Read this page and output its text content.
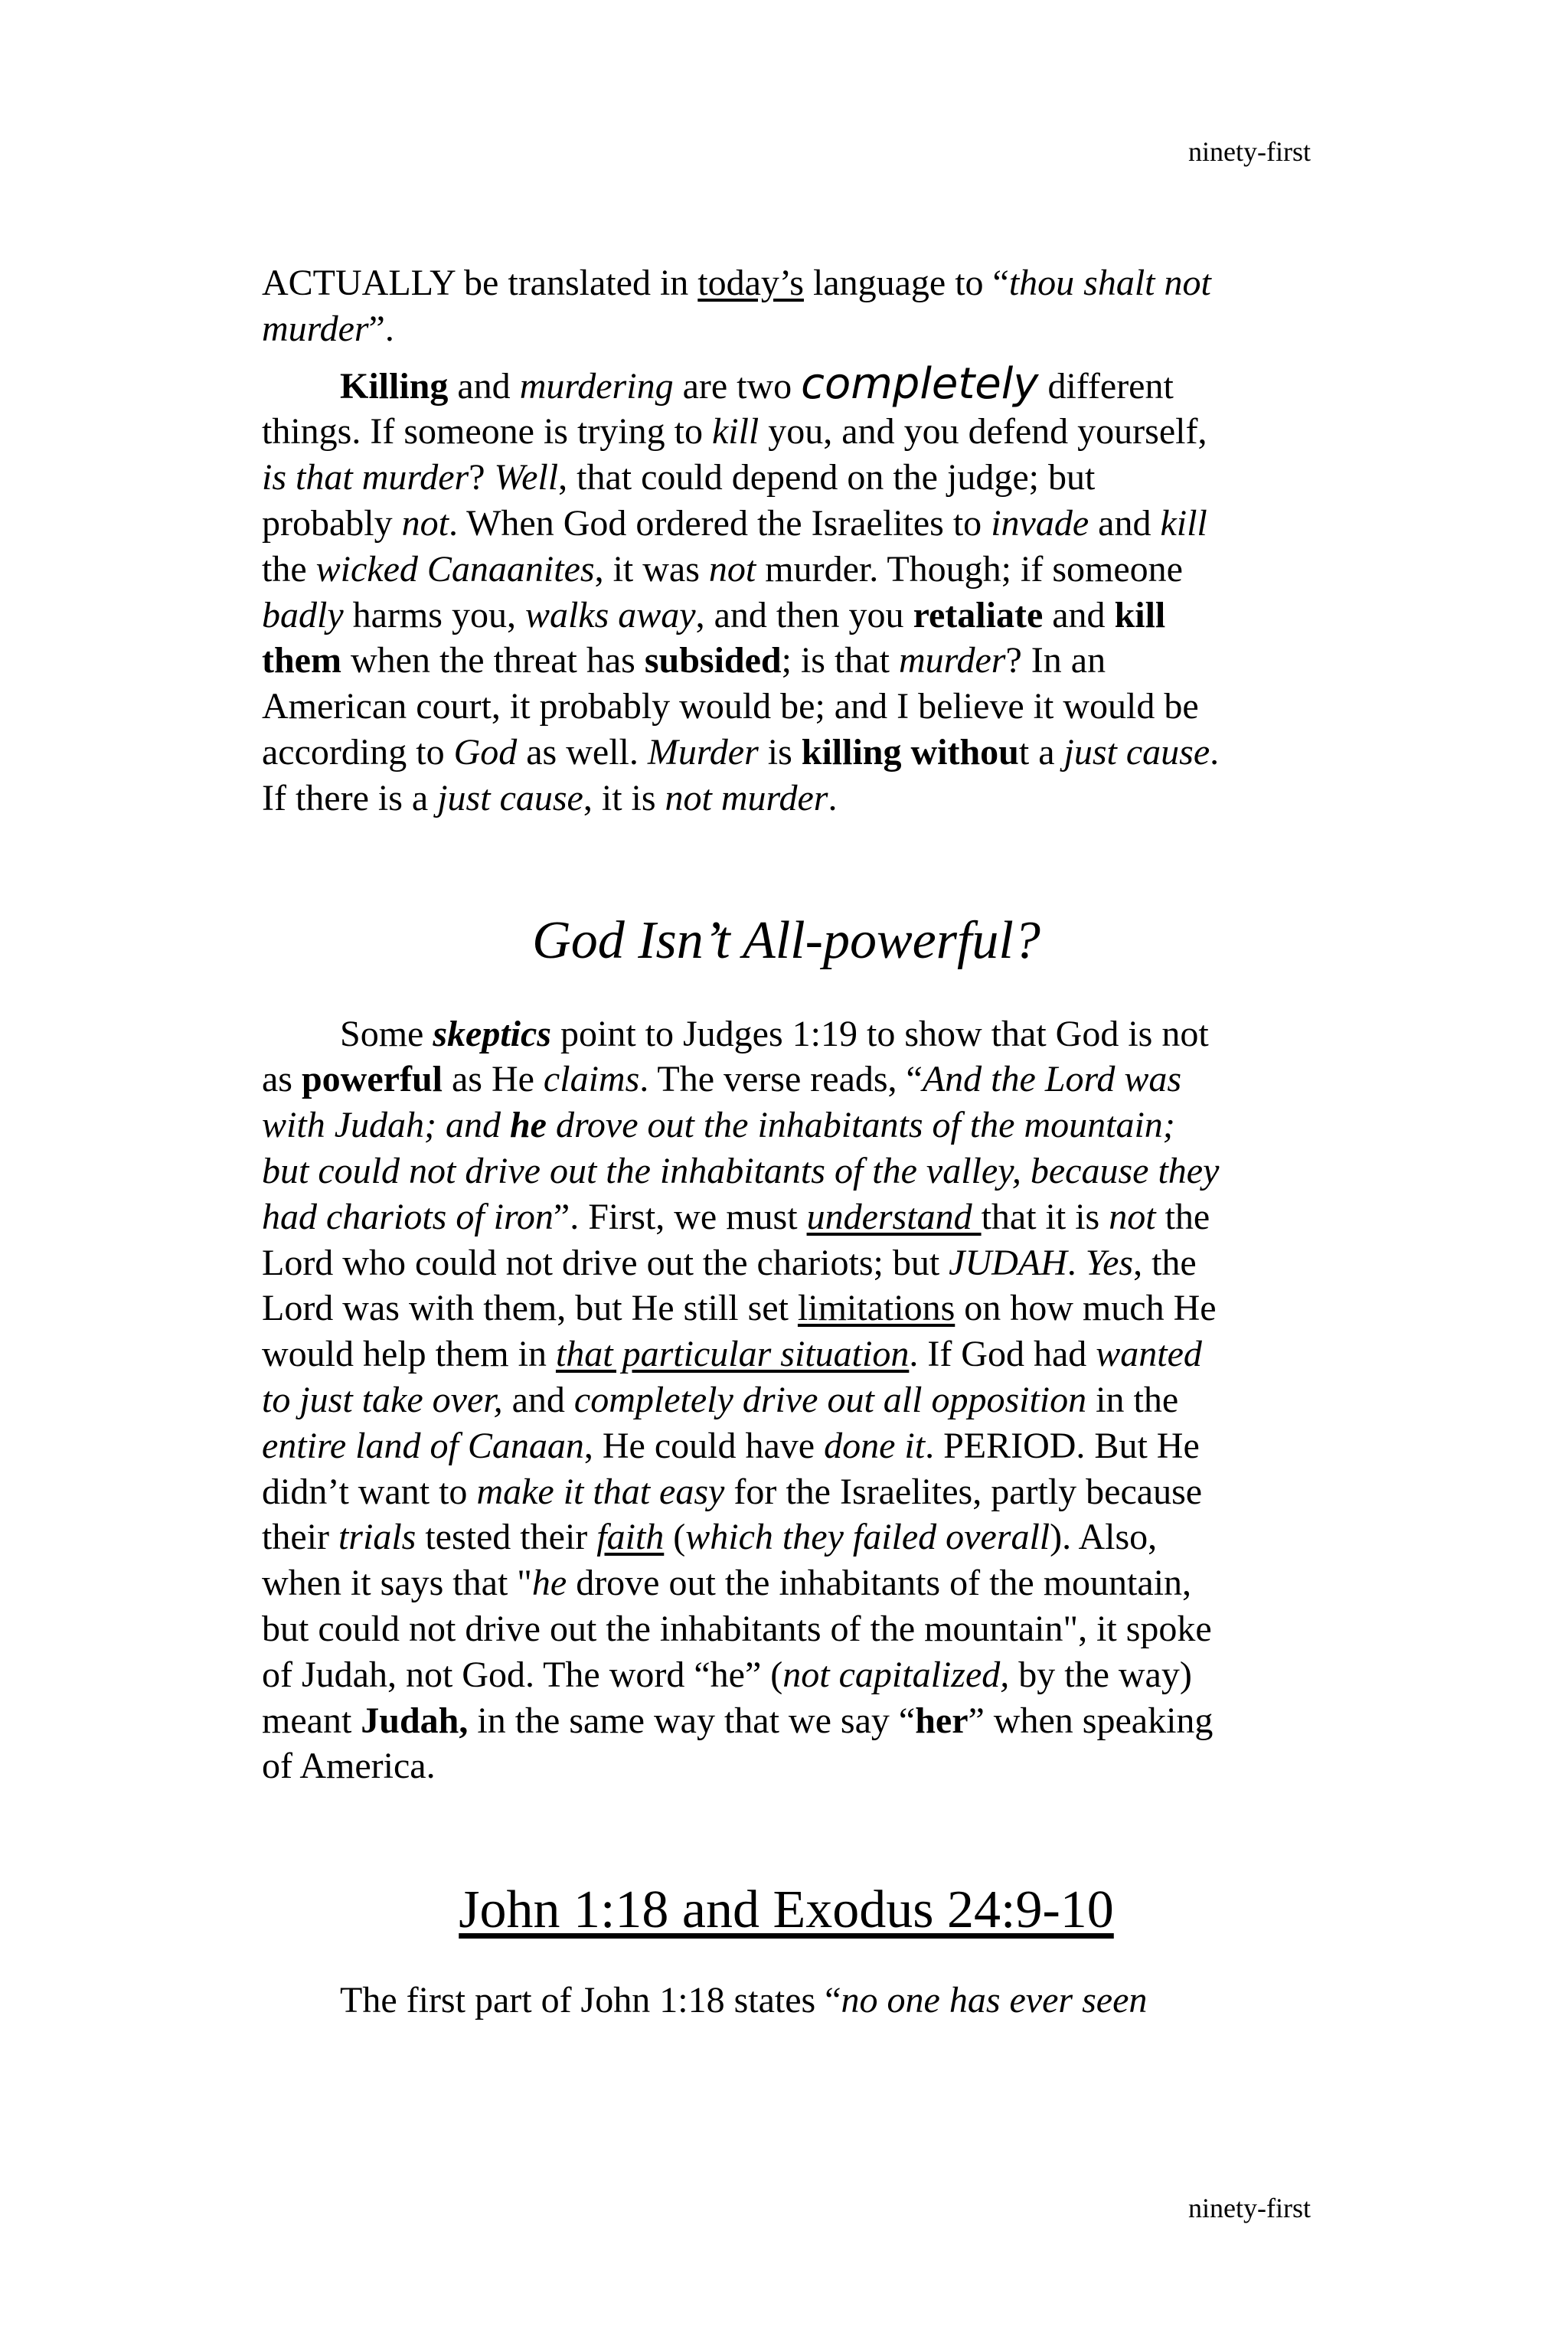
ninety-first

ACTUALLY be translated in today’s language to “thou shalt not
murder”.

Killing and murdering are two completely different
things. If someone is trying to kill you, and you defend yourself,
is that murder? Well, that could depend on the judge; but
probably not. When God ordered the Israelites to invade and kill
the wicked Canaanites, it was not murder. Though; if someone
badly harms you, walks away, and then you retaliate and kill
them when the threat has subsided; is that murder? In an
American court, it probably would be; and I believe it would be
according to God as well. Murder is killing without a just cause.
If there is a just cause, it is not murder.

God Isn’t All-powerful?

Some skeptics point to Judges 1:19 to show that God is not
as powerful as He claims. The verse reads, “And the Lord was
with Judah; and he drove out the inhabitants of the mountain;
but could not drive out the inhabitants of the valley, because they
had chariots of iron”. First, we must understand that it is not the
Lord who could not drive out the chariots; but JUDAH. Yes, the
Lord was with them, but He still set limitations on how much He
would help them in that particular situation. If God had wanted
to just take over, and completely drive out all opposition in the
entire land of Canaan, He could have done it. PERIOD. But He
didn’t want to make it that easy for the Israelites, partly because
their trials tested their faith (which they failed overall). Also,
when it says that "he drove out the inhabitants of the mountain,
but could not drive out the inhabitants of the mountain", it spoke
of Judah, not God. The word “he” (not capitalized, by the way)
meant Judah, in the same way that we say “her” when speaking
of America.

John 1:18 and Exodus 24:9-10

The first part of John 1:18 states “no one has ever seen

ninety-first
